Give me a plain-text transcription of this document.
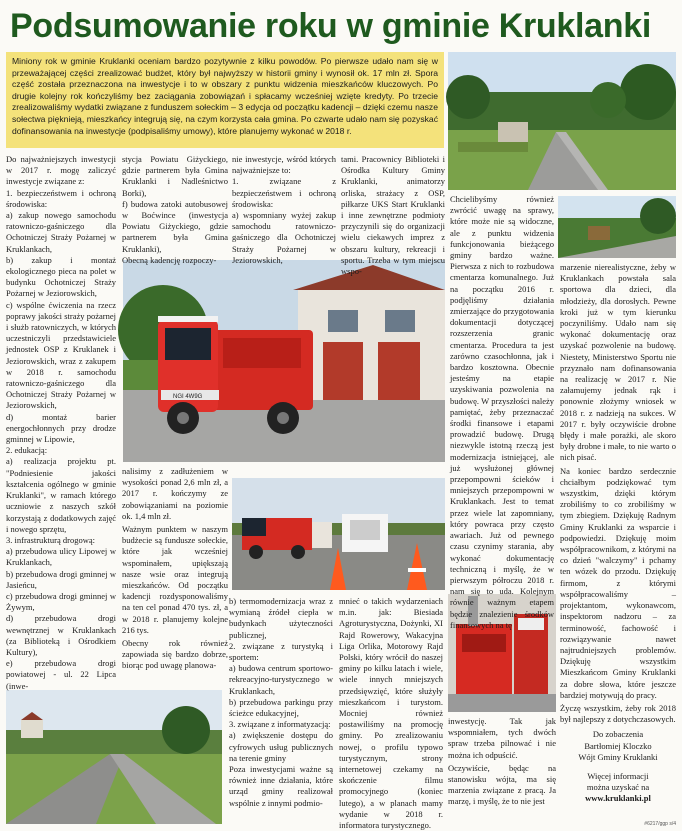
Podsumowanie roku w gminie Kruklanki
Miniony rok w gminie Kruklanki oceniam bardzo pozytywnie z kilku powodów. Po pierwsze udało nam się w przeważającej części zrealizować budżet, który był najwyższy w historii gminy i wynosił ok. 17 mln zł. Spora część została przeznaczona na inwestycje i to w obszary z punktu widzenia mieszkańców kluczowych. Po drugie kolejny rok kończyliśmy bez zaciągania zobowiązań i spłacamy wcześniej wzięte kredyty. Po trzecie zrealizowaliśmy wydatki związane z funduszem sołeckim – 3 edycja od początku kadencji – dzięki czemu nasze sołectwa pięknieją, mieszkańcy integrują się, na czym korzysta cała gmina. Po czwarte udało nam się pozyskać dofinansowania na inwestycje (podpisaliśmy umowy), które planujemy wykonać w 2018 r.
NGI 4W9G
Do najważniejszych inwestycji w 2017 r. mogę zaliczyć inwestycje związane z:
1. bezpieczeństwem i ochroną środowiska:
a) zakup nowego samochodu ratowniczo-gaśniczego dla Ochotniczej Straży Pożarnej w Kruklankach,
b) zakup i montaż ekologicznego pieca na polet w budynku Ochotniczej Straży Pożarnej w Jeziorowskich,
c) wspólne ćwiczenia na rzecz poprawy jakości straży pożarnej i służb ratowniczych, w których uczestniczyli przedstawiciele jednostek OSP z Kruklanek i Jeziorowskich, wraz z zakupem w 2018 r. samochodu ratowniczo-gaśniczego dla Ochotniczej Straży Pożarnej w Jeziorowskich,
d) montaż barier energochłonnych przy drodze gminnej w Lipowie,
2. edukacją:
a) realizacja projektu pt. "Podniesienie jakości kształcenia ogólnego w gminie Kruklanki", w ramach którego uczniowie z naszych szkół korzystają z dodatkowych zajęć i nowego sprzętu,
3. infrastrukturą drogową:
a) przebudowa ulicy Lipowej w Kruklankach,
b) przebudowa drogi gminnej w Jasieńcu,
c) przebudowa drogi gminnej w Żywym,
d) przebudowa drogi wewnętrznej w Kruklankach (za Biblioteką i Ośrodkiem Kultury),
e) przebudowa drogi powiatowej - ul. 22 Lipca (inwe-
stycja Powiatu Giżyckiego, gdzie partnerem była Gmina Kruklanki i Nadleśnictwo Borki),
f) budowa zatoki autobusowej w Boćwince (inwestycja Powiatu Giżyckiego, gdzie partnerem była Gmina Kruklanki),
Obecną kadencję rozpoczy-
nie inwestycje, wśród których najważniejsze to:
1. związane z bezpieczeństwem i ochroną środowiska:
a) wspomniany wyżej zakup samochodu ratowniczo-gaśniczego dla Ochotniczej Straży Pożarnej w Jeziorowskich,
tami. Pracownicy Biblioteki i Ośrodka Kultury Gminy Kruklanki, animatorzy orliska, strażacy z OSP, piłkarze UKS Start Kruklanki i inne zewnętrzne podmioty przyczynili się do organizacji wielu ciekawych imprez z obszaru kultury, rekreacji i sportu. Trzeba w tym miejscu wspo-
Chcielibyśmy również zwrócić uwagę na sprawy, które może nie są widoczne, ale z punktu widzenia funkcjonowania bieżącego gminy bardzo ważne. Pierwsza z nich to rozbudowa cmentarza komunalnego. Już na początku 2016 r. podjęliśmy działania zmierzające do przygotowania dokumentacji dotyczącej rozszerzenia granic cmentarza. Procedura ta jest zarówno czasochłonna, jak i bardzo kosztowna. Obecnie jesteśmy na etapie uzyskiwania pozwolenia na budowę. W przyszłości należy pamiętać, żeby przeznaczać środki finansowe i etapami prowadzić budowę. Drugą niezwykle istotną rzeczą jest modernizacja istniejącej, ale już wysłużonej głównej przepompowni ścieków i mniejszych przepompowni w Kruklankach. Jest to temat przez wiele lat zapomniany, który powraca przy często awariach. Już od pewnego czasu czynimy starania, aby wykonać dokumentację techniczną i myślę, że w pierwszym półroczu 2018 r. nam się to uda. Kolejnym równie ważnym etapem będzie znalezienie środków finansowych na tę

marzenie nierealistyczne, żeby w Kruklankach powstała sala sportowa dla dzieci, dla młodzieży, dla dorosłych. Pewne kroki już w tym kierunku poczyniliśmy. Udało nam się wykonać dokumentację oraz uzyskać pozwolenie na budowę. Niestety, Ministerstwo Sportu nie przyznało nam dofinansowania na realizację w 2017 r. Nie załamujemy jednak rąk i ponownie złożymy wniosek w 2018 r. z nadzieją na sukces. W 2017 r. były oczywiście drobne błędy i małe porażki, ale skoro były drobne i małe, to nie warto o nich pisać.

Na koniec bardzo serdecznie chciałbym podziękować tym wszystkim, dzięki którym zrobiliśmy to co zrobiliśmy w tym zbiegiem. Dziękuję Radnym Gminy Kruklanki za wsparcie i podpowiedzi. Dziękuję moim współpracownikom, z którymi na co dzień "walczymy" i pchamy ten wózek do przodu. Dziękuję firmom, z którymi współpracowaliśmy – projektantom, wykonawcom, inspektorom nadzoru – za terminowość, fachowość i rozwiązywanie nawet najtrudniejszych problemów. Dziękuję wszystkim Mieszkańcom Gminy Kruklanki za dobre słowa, które jeszcze bardziej motywują do pracy.

Życzę wszystkim, żeby rok 2018 był najlepszy z dotychczasowych.

Do zobaczenia
Bartłomiej Kloczko
Wójt Gminy Kruklanki
Więcej informacji
można uzyskać na
www.kruklanki.pl

nalisimy z zadłużeniem w wysokości ponad 2,6 mln zł, a 2017 r. kończymy ze zobowiązaniami na poziomie ok. 1,4 mln zł.

Ważnym punktem w naszym budżecie są fundusze sołeckie, które jak wcześniej wspominałem, upiększają nasze wsie oraz integrują mieszkańców. Od początku kadencji rozdysponowaliśmy na ten cel ponad 470 tys. zł, a w 2018 r. planujemy kolejne 216 tys.

Obecny rok również zapowiada się bardzo dobrze, biorąc pod uwagę planowa-

b) termomodernizacja wraz z wymianą źródeł ciepła w budynkach użyteczności publicznej,
2. związane z turystyką i sportem:
a) budowa centrum sportowo-rekreacyjno-turystycznego w Kruklankach,
b) przebudowa parkingu przy ścieżce edukacyjnej,
3. związane z informatyzacją:
a) zwiększenie dostępu do cyfrowych usług publicznych na terenie gminy
Poza inwestycjami ważne są również inne działania, które urząd gminy realizował wspólnie z innymi podmio-
mnieć o takich wydarzeniach m.in. jak: Biesiada Agroturystyczna, Dożynki, XI Rajd Rowerowy, Wakacyjna Liga Orlika, Motorowy Rajd Polski, który wrócił do naszej gminy po kilku latach i wiele, wiele innych mniejszych przedsięwzięć, które służyły mieszkańcom i turystom. Mocniej również postawiliśmy na promocję gminy. Po zrealizowaniu nowej, o profilu typowo turystycznym, strony internetowej czekamy na skończenie filmu promocyjnego (koniec lutego), a w planach mamy wydanie w 2018 r. informatora turystycznego.

inwestycję. Tak jak wspomniałem, tych dwóch spraw trzeba pilnować i nie można ich odpuścić.

Oczywiście, będąc na stanowisku wójta, ma się marzenia związane z pracą. Ja marzę, i myślę, że to nie jest

#6217/ggp s/4
